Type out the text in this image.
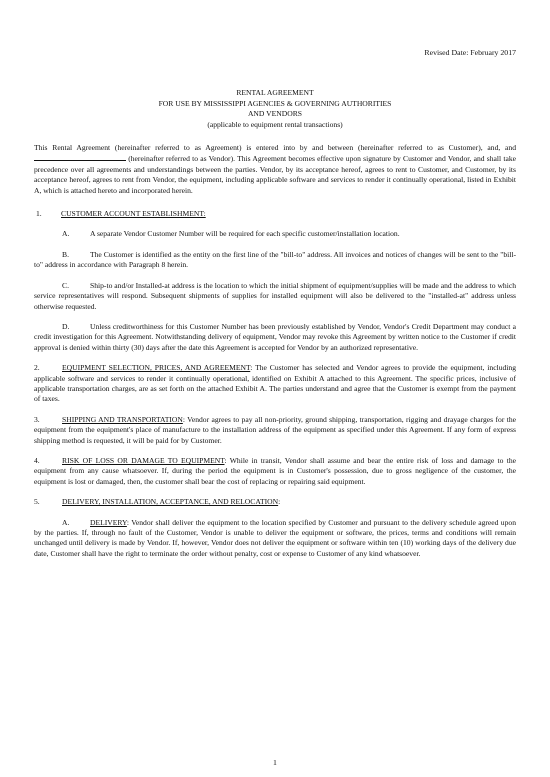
Revised Date: February 2017
RENTAL AGREEMENT
FOR USE BY MISSISSIPPI AGENCIES & GOVERNING AUTHORITIES
AND VENDORS
(applicable to equipment rental transactions)

This Rental Agreement (hereinafter referred to as Agreement) is entered into by and between (hereinafter referred to as Customer), and, and  (hereinafter referred to as Vendor). This Agreement becomes effective upon signature by Customer and Vendor, and shall take precedence over all agreements and understandings between the parties. Vendor, by its acceptance hereof, agrees to rent to Customer, and Customer, by its acceptance hereof, agrees to rent from Vendor, the equipment, including applicable software and services to render it continually operational, listed in Exhibit A, which is attached hereto and incorporated herein.

1.	CUSTOMER ACCOUNT ESTABLISHMENT:

A.	A separate Vendor Customer Number will be required for each specific customer/installation location.

B.	The Customer is identified as the entity on the first line of the "bill-to" address. All invoices and notices of changes will be sent to the "bill-to" address in accordance with Paragraph 8 herein.

C.	Ship-to and/or Installed-at address is the location to which the initial shipment of equipment/supplies will be made and the address to which service representatives will respond. Subsequent shipments of supplies for installed equipment will also be delivered to the "installed-at" address unless otherwise requested.

D.	Unless creditworthiness for this Customer Number has been previously established by Vendor, Vendor's Credit Department may conduct a credit investigation for this Agreement. Notwithstanding delivery of equipment, Vendor may revoke this Agreement by written notice to the Customer if credit approval is denied within thirty (30) days after the date this Agreement is accepted for Vendor by an authorized representative.

2.	EQUIPMENT SELECTION, PRICES, AND AGREEMENT: The Customer has selected and Vendor agrees to provide the equipment, including applicable software and services to render it continually operational, identified on Exhibit A attached to this Agreement. The specific prices, inclusive of applicable transportation charges, are as set forth on the attached Exhibit A. The parties understand and agree that the Customer is exempt from the payment of taxes.

3.	SHIPPING AND TRANSPORTATION: Vendor agrees to pay all non-priority, ground shipping, transportation, rigging and drayage charges for the equipment from the equipment's place of manufacture to the installation address of the equipment as specified under this Agreement. If any form of express shipping method is requested, it will be paid for by Customer.

4.	RISK OF LOSS OR DAMAGE TO EQUIPMENT: While in transit, Vendor shall assume and bear the entire risk of loss and damage to the equipment from any cause whatsoever. If, during the period the equipment is in Customer's possession, due to gross negligence of the customer, the equipment is lost or damaged, then, the customer shall bear the cost of replacing or repairing said equipment.

5.	DELIVERY, INSTALLATION, ACCEPTANCE, AND RELOCATION:

A.	DELIVERY: Vendor shall deliver the equipment to the location specified by Customer and pursuant to the delivery schedule agreed upon by the parties. If, through no fault of the Customer, Vendor is unable to deliver the equipment or software, the prices, terms and conditions will remain unchanged until delivery is made by Vendor. If, however, Vendor does not deliver the equipment or software within ten (10) working days of the delivery due date, Customer shall have the right to terminate the order without penalty, cost or expense to Customer of any kind whatsoever.

1
